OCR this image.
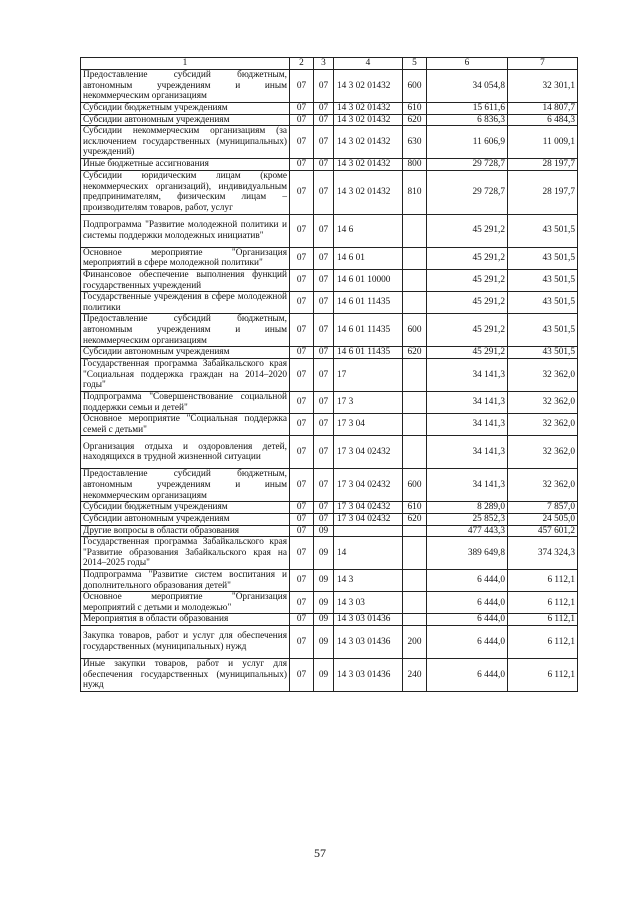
1	2	3	4	5	6	7
Предоставление субсидий бюджетным, автономным учреждениям и иным некоммерческим организациям	07	07	14 3 02 01432	600	34 054,8	32 301,1
Субсидии бюджетным учреждениям	07	07	14 3 02 01432	610	15 611,6	14 807,7
Субсидии автономным учреждениям	07	07	14 3 02 01432	620	6 836,3	6 484,3
Субсидии некоммерческим организациям (за исключением государственных (муниципальных) учреждений)	07	07	14 3 02 01432	630	11 606,9	11 009,1
Иные бюджетные ассигнования	07	07	14 3 02 01432	800	29 728,7	28 197,7
Субсидии юридическим лицам (кроме некоммерческих организаций), индивидуальным предпринимателям, физическим лицам – производителям товаров, работ, услуг	07	07	14 3 02 01432	810	29 728,7	28 197,7
Подпрограмма "Развитие молодежной политики и системы поддержки молодежных инициатив"	07	07	14 6		45 291,2	43 501,5
Основное мероприятие "Организация мероприятий в сфере молодежной политики"	07	07	14 6 01		45 291,2	43 501,5
Финансовое обеспечение выполнения функций государственных учреждений	07	07	14 6 01 10000		45 291,2	43 501,5
Государственные учреждения в сфере молодежной политики	07	07	14 6 01 11435		45 291,2	43 501,5
Предоставление субсидий бюджетным, автономным учреждениям и иным некоммерческим организациям	07	07	14 6 01 11435	600	45 291,2	43 501,5
Субсидии автономным учреждениям	07	07	14 6 01 11435	620	45 291,2	43 501,5
Государственная программа Забайкальского края "Социальная поддержка граждан на 2014–2020 годы"	07	07	17		34 141,3	32 362,0
Подпрограмма "Совершенствование социальной поддержки семьи и детей"	07	07	17 3		34 141,3	32 362,0
Основное мероприятие "Социальная поддержка семей с детьми"	07	07	17 3 04		34 141,3	32 362,0
Организация отдыха и оздоровления детей, находящихся в трудной жизненной ситуации	07	07	17 3 04 02432		34 141,3	32 362,0
Предоставление субсидий бюджетным, автономным учреждениям и иным некоммерческим организациям	07	07	17 3 04 02432	600	34 141,3	32 362,0
Субсидии бюджетным учреждениям	07	07	17 3 04 02432	610	8 289,0	7 857,0
Субсидии автономным учреждениям	07	07	17 3 04 02432	620	25 852,3	24 505,0
Другие вопросы в области образования	07	09			477 443,3	457 601,2
Государственная программа Забайкальского края "Развитие образования Забайкальского края на 2014–2025 годы"	07	09	14		389 649,8	374 324,3
Подпрограмма "Развитие систем воспитания и дополнительного образования детей"	07	09	14 3		6 444,0	6 112,1
Основное мероприятие "Организация мероприятий с детьми и молодежью"	07	09	14 3 03		6 444,0	6 112,1
Мероприятия в области образования	07	09	14 3 03 01436		6 444,0	6 112,1
Закупка товаров, работ и услуг для обеспечения государственных (муниципальных) нужд	07	09	14 3 03 01436	200	6 444,0	6 112,1
Иные закупки товаров, работ и услуг для обеспечения государственных (муниципальных) нужд	07	09	14 3 03 01436	240	6 444,0	6 112,1
57
